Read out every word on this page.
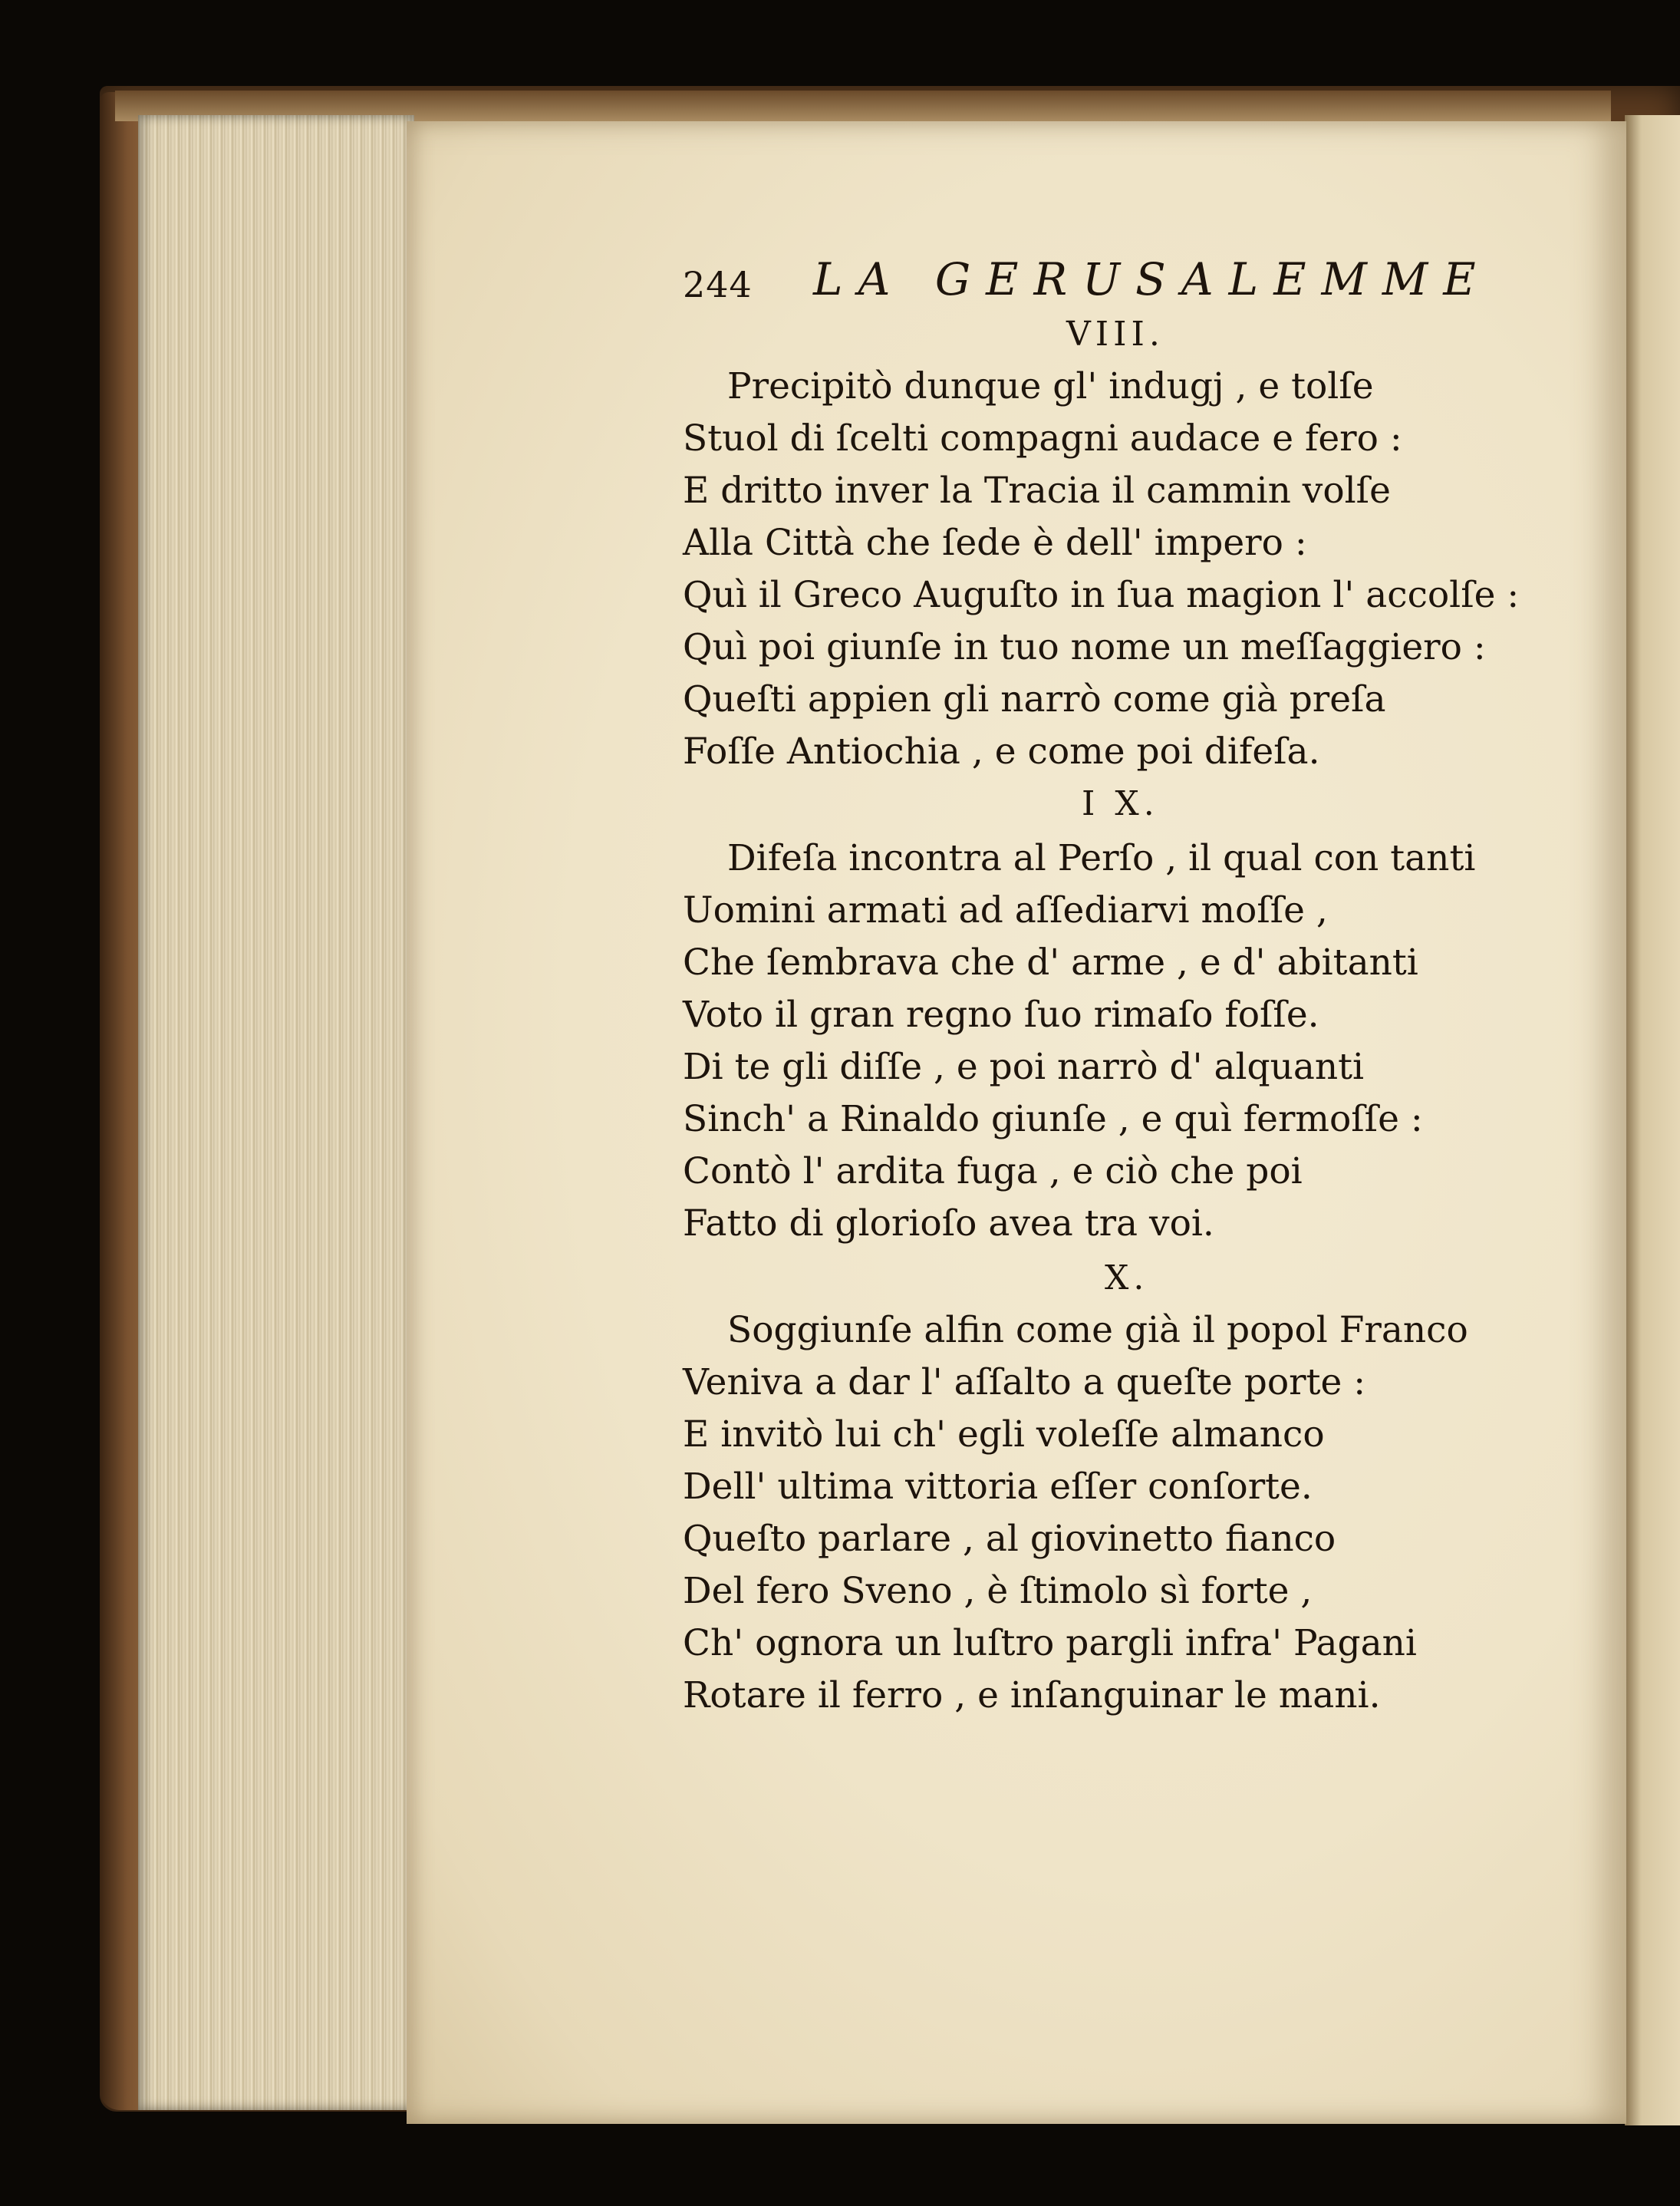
244 LA GERUSALEMME
VIII.
Precipitò dunque gl' indugj , e tolſe
Stuol di ſcelti compagni audace e fero :
E dritto inver la Tracia il cammin volſe
Alla Città che ſede è dell' impero :
Quì il Greco Auguſto in ſua magion l' accolſe :
Quì poi giunſe in tuo nome un meſſaggiero :
Queſti appien gli narrò come già preſa
Foſſe Antiochia , e come poi difeſa.
I X.
Difeſa incontra al Perſo , il qual con tanti
Uomini armati ad aſſediarvi moſſe ,
Che ſembrava che d' arme , e d' abitanti
Voto il gran regno ſuo rimaſo foſſe.
Di te gli diſſe , e poi narrò d' alquanti
Sinch' a Rinaldo giunſe , e quì fermoſſe :
Contò l' ardita fuga , e ciò che poi
Fatto di glorioſo avea tra voi.
X.
Soggiunſe alfin come già il popol Franco
Veniva a dar l' aſſalto a queſte porte :
E invitò lui ch' egli voleſſe almanco
Dell' ultima vittoria eſſer conſorte.
Queſto parlare , al giovinetto fianco
Del fero Sveno , è ſtimolo sì forte ,
Ch' ognora un luſtro pargli infra' Pagani
Rotare il ferro , e inſanguinar le mani.
